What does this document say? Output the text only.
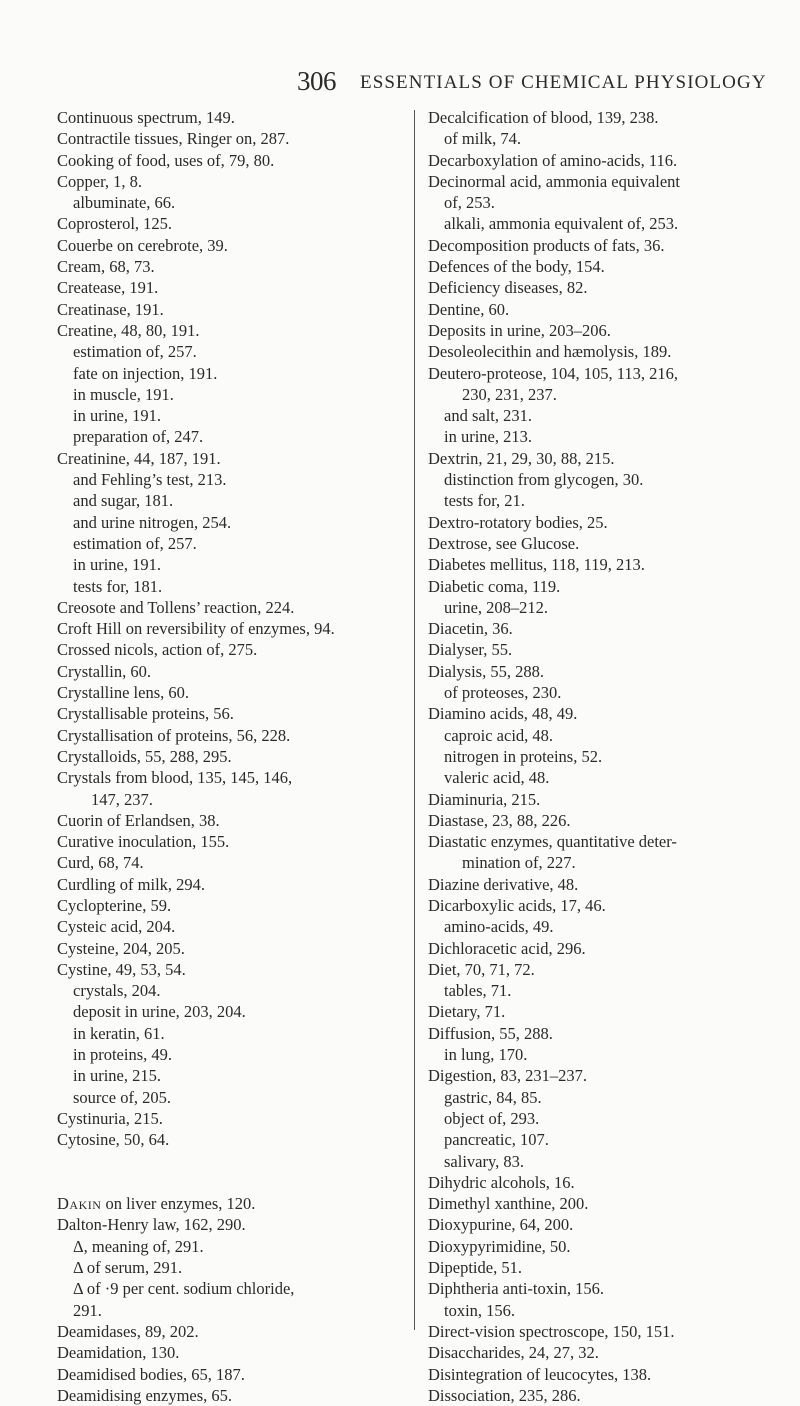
306 ESSENTIALS OF CHEMICAL PHYSIOLOGY
Continuous spectrum, 149.
Contractile tissues, Ringer on, 287.
Cooking of food, uses of, 79, 80.
Copper, 1, 8.
albuminate, 66.
Coprosterol, 125.
Couerbe on cerebrote, 39.
Cream, 68, 73.
Createase, 191.
Creatinase, 191.
Creatine, 48, 80, 191.
estimation of, 257.
fate on injection, 191.
in muscle, 191.
in urine, 191.
preparation of, 247.
Creatinine, 44, 187, 191.
and Fehling’s test, 213.
and sugar, 181.
and urine nitrogen, 254.
estimation of, 257.
in urine, 191.
tests for, 181.
Creosote and Tollens’ reaction, 224.
Croft Hill on reversibility of enzymes, 94.
Crossed nicols, action of, 275.
Crystallin, 60.
Crystalline lens, 60.
Crystallisable proteins, 56.
Crystallisation of proteins, 56, 228.
Crystalloids, 55, 288, 295.
Crystals from blood, 135, 145, 146,
147, 237.
Cuorin of Erlandsen, 38.
Curative inoculation, 155.
Curd, 68, 74.
Curdling of milk, 294.
Cyclopterine, 59.
Cysteic acid, 204.
Cysteine, 204, 205.
Cystine, 49, 53, 54.
crystals, 204.
deposit in urine, 203, 204.
in keratin, 61.
in proteins, 49.
in urine, 215.
source of, 205.
Cystinuria, 215.
Cytosine, 50, 64.
Dakin on liver enzymes, 120.
Dalton-Henry law, 162, 290.
Δ, meaning of, 291.
Δ of serum, 291.
Δ of ·9 per cent. sodium chloride,
291.
Deamidases, 89, 202.
Deamidation, 130.
Deamidised bodies, 65, 187.
Deamidising enzymes, 65.
Decalcification of blood, 139, 238.
of milk, 74.
Decarboxylation of amino-acids, 116.
Decinormal acid, ammonia equivalent
of, 253.
alkali, ammonia equivalent of, 253.
Decomposition products of fats, 36.
Defences of the body, 154.
Deficiency diseases, 82.
Dentine, 60.
Deposits in urine, 203–206.
Desoleolecithin and hæmolysis, 189.
Deutero-proteose, 104, 105, 113, 216,
230, 231, 237.
and salt, 231.
in urine, 213.
Dextrin, 21, 29, 30, 88, 215.
distinction from glycogen, 30.
tests for, 21.
Dextro-rotatory bodies, 25.
Dextrose, see Glucose.
Diabetes mellitus, 118, 119, 213.
Diabetic coma, 119.
urine, 208–212.
Diacetin, 36.
Dialyser, 55.
Dialysis, 55, 288.
of proteoses, 230.
Diamino acids, 48, 49.
caproic acid, 48.
nitrogen in proteins, 52.
valeric acid, 48.
Diaminuria, 215.
Diastase, 23, 88, 226.
Diastatic enzymes, quantitative deter-
mination of, 227.
Diazine derivative, 48.
Dicarboxylic acids, 17, 46.
amino-acids, 49.
Dichloracetic acid, 296.
Diet, 70, 71, 72.
tables, 71.
Dietary, 71.
Diffusion, 55, 288.
in lung, 170.
Digestion, 83, 231–237.
gastric, 84, 85.
object of, 293.
pancreatic, 107.
salivary, 83.
Dihydric alcohols, 16.
Dimethyl xanthine, 200.
Dioxypurine, 64, 200.
Dioxypyrimidine, 50.
Dipeptide, 51.
Diphtheria anti-toxin, 156.
toxin, 156.
Direct-vision spectroscope, 150, 151.
Disaccharides, 24, 27, 32.
Disintegration of leucocytes, 138.
Dissociation, 235, 286.
